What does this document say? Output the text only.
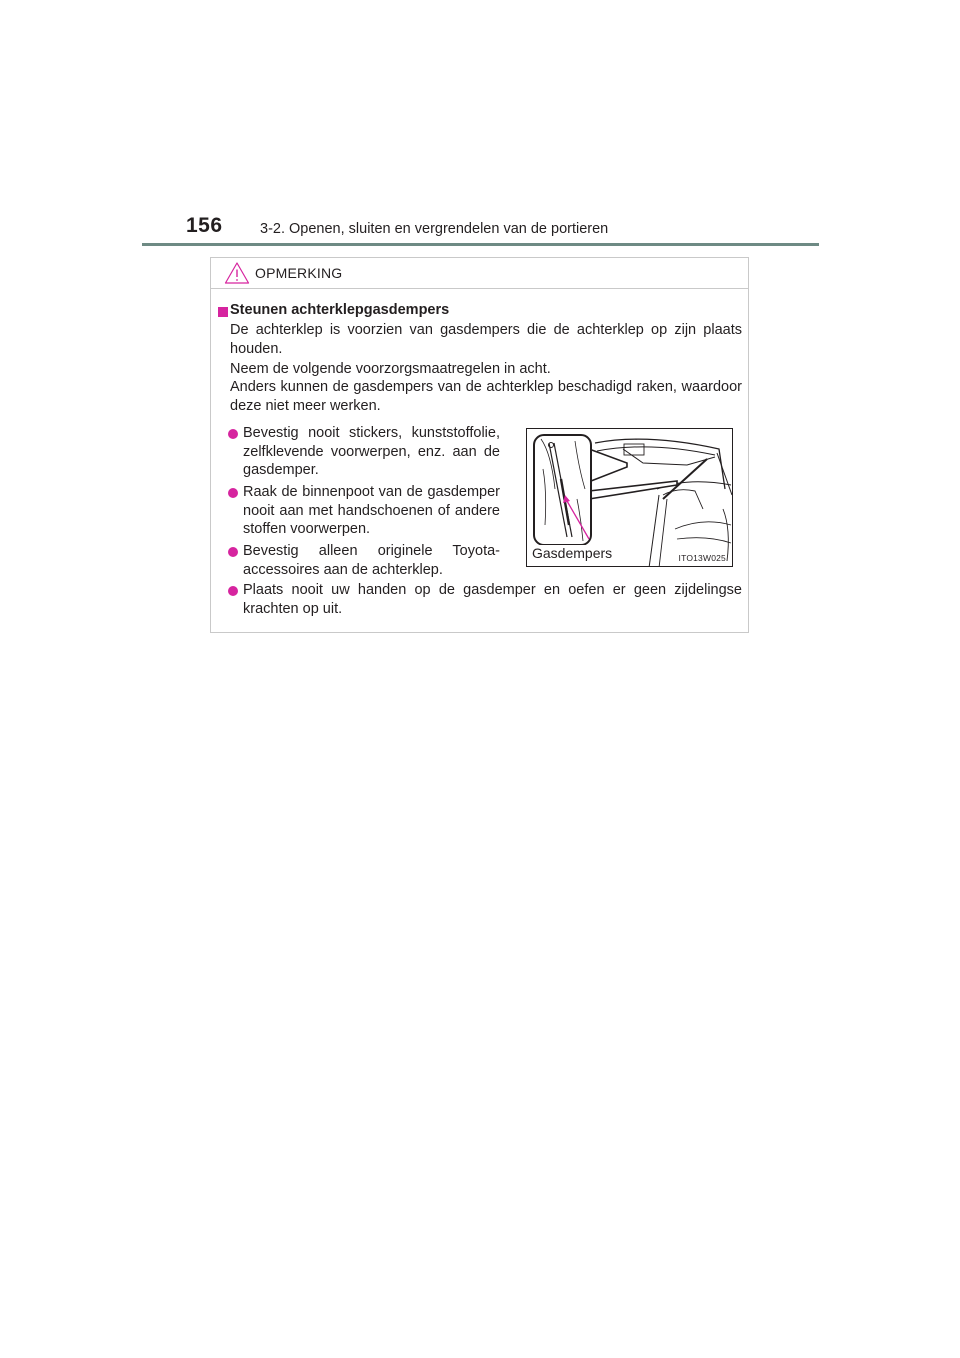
156	3-2. Openen, sluiten en vergrendelen van de portieren
OPMERKING
Steunen achterklepgasdempers
De achterklep is voorzien van gasdempers die de achterklep op zijn plaats houden.
Neem de volgende voorzorgsmaatregelen in acht.
Anders kunnen de gasdempers van de achterklep beschadigd raken, waardoor deze niet meer werken.
Bevestig nooit stickers, kunststoffolie, zelfklevende voorwerpen, enz. aan de gasdemper.
Raak de binnenpoot van de gasdemper nooit aan met handschoenen of andere stoffen voorwerpen.
Bevestig alleen originele Toyota-accessoires aan de achterklep.
Plaats nooit uw handen op de gasdemper en oefen er geen zijdelingse krachten op uit.
Gasdempers	ITO13W025
